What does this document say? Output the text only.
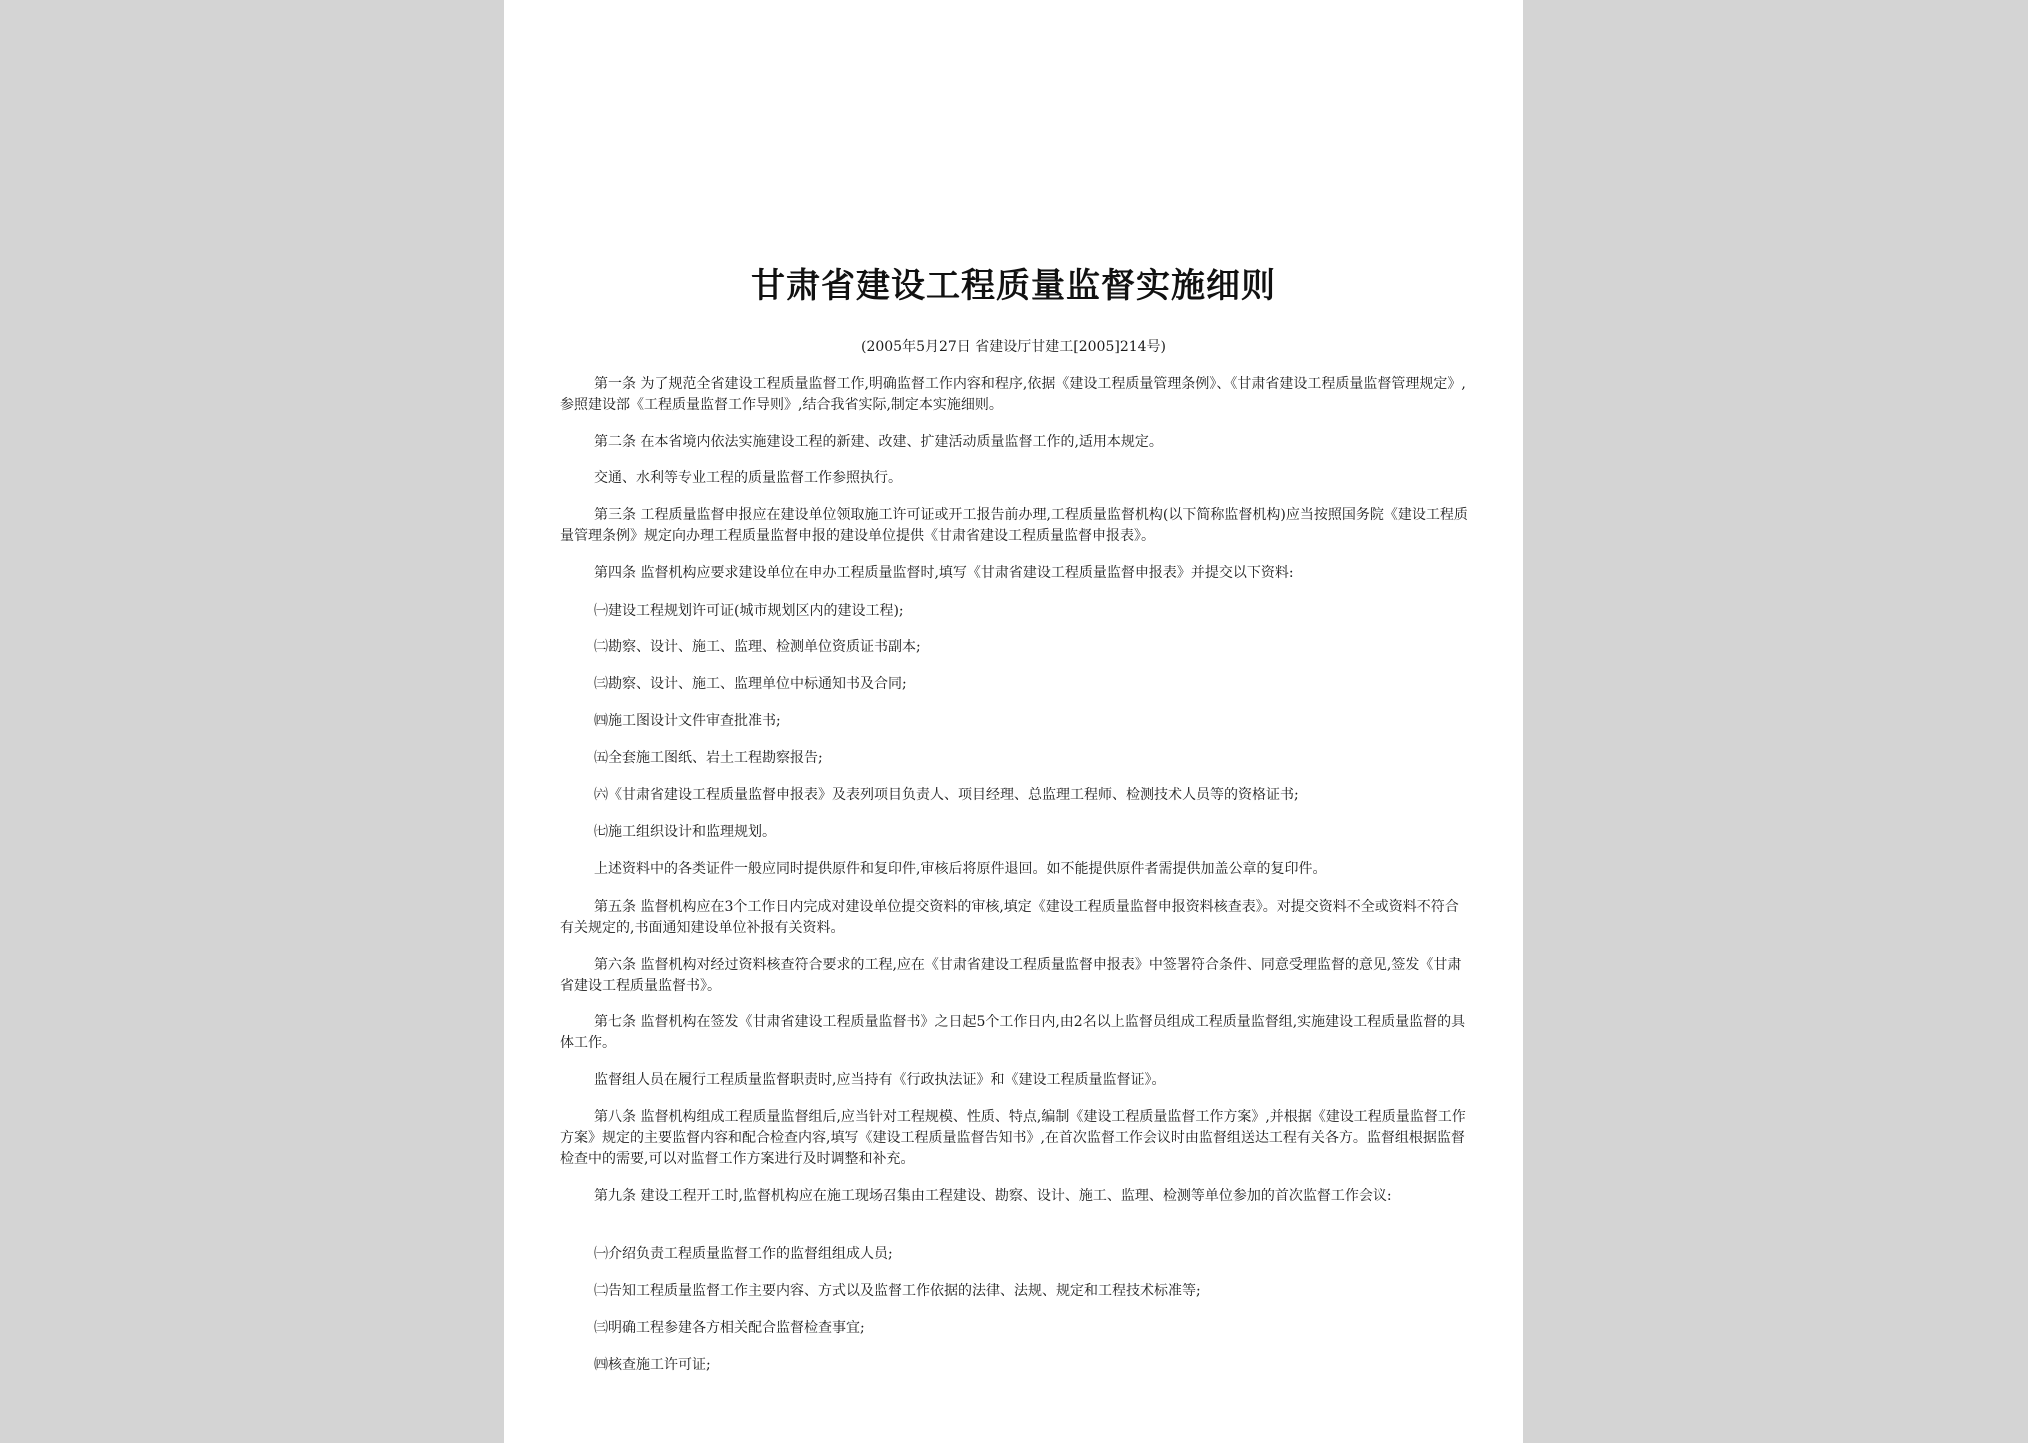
甘肃省建设工程质量监督实施细则
(2005年5月27日 省建设厅甘建工[2005]214号)
第一条 为了规范全省建设工程质量监督工作,明确监督工作内容和程序,依据《建设工程质量管理条例》、《甘肃省建设工程质量监督管理规定》,参照建设部《工程质量监督工作导则》,结合我省实际,制定本实施细则。
第二条 在本省境内依法实施建设工程的新建、改建、扩建活动质量监督工作的,适用本规定。
交通、水利等专业工程的质量监督工作参照执行。
第三条 工程质量监督申报应在建设单位领取施工许可证或开工报告前办理,工程质量监督机构(以下简称监督机构)应当按照国务院《建设工程质量管理条例》规定向办理工程质量监督申报的建设单位提供《甘肃省建设工程质量监督申报表》。
第四条 监督机构应要求建设单位在申办工程质量监督时,填写《甘肃省建设工程质量监督申报表》并提交以下资料:
㈠建设工程规划许可证(城市规划区内的建设工程);
㈡勘察、设计、施工、监理、检测单位资质证书副本;
㈢勘察、设计、施工、监理单位中标通知书及合同;
㈣施工图设计文件审查批准书;
㈤全套施工图纸、岩土工程勘察报告;
㈥《甘肃省建设工程质量监督申报表》及表列项目负责人、项目经理、总监理工程师、检测技术人员等的资格证书;
㈦施工组织设计和监理规划。
上述资料中的各类证件一般应同时提供原件和复印件,审核后将原件退回。如不能提供原件者需提供加盖公章的复印件。
第五条 监督机构应在3个工作日内完成对建设单位提交资料的审核,填定《建设工程质量监督申报资料核查表》。对提交资料不全或资料不符合有关规定的,书面通知建设单位补报有关资料。
第六条 监督机构对经过资料核查符合要求的工程,应在《甘肃省建设工程质量监督申报表》中签署符合条件、同意受理监督的意见,签发《甘肃省建设工程质量监督书》。
第七条 监督机构在签发《甘肃省建设工程质量监督书》之日起5个工作日内,由2名以上监督员组成工程质量监督组,实施建设工程质量监督的具体工作。
监督组人员在履行工程质量监督职责时,应当持有《行政执法证》和《建设工程质量监督证》。
第八条 监督机构组成工程质量监督组后,应当针对工程规模、性质、特点,编制《建设工程质量监督工作方案》,并根据《建设工程质量监督工作方案》规定的主要监督内容和配合检查内容,填写《建设工程质量监督告知书》,在首次监督工作会议时由监督组送达工程有关各方。监督组根据监督检查中的需要,可以对监督工作方案进行及时调整和补充。
第九条 建设工程开工时,监督机构应在施工现场召集由工程建设、勘察、设计、施工、监理、检测等单位参加的首次监督工作会议:
㈠介绍负责工程质量监督工作的监督组组成人员;
㈡告知工程质量监督工作主要内容、方式以及监督工作依据的法律、法规、规定和工程技术标准等;
㈢明确工程参建各方相关配合监督检查事宜;
㈣核查施工许可证;
